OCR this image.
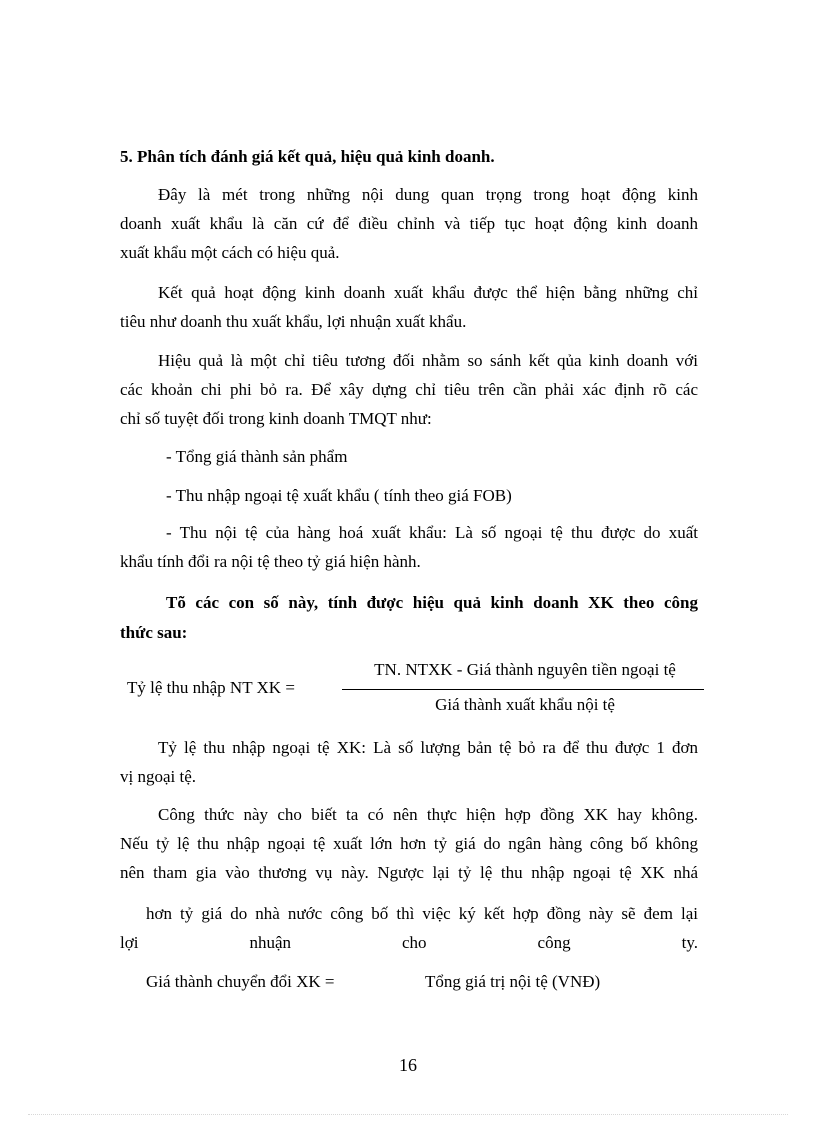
5. Phân tích đánh giá kết quả, hiệu quả kinh doanh.
Đây là mét trong những nội dung quan trọng trong hoạt động kinh
doanh xuất khẩu là căn cứ để điều chỉnh và tiếp tục hoạt động kinh doanh
xuất khẩu một cách có hiệu quả.
Kết quả hoạt động kinh doanh xuất khẩu được thể hiện bằng những chỉ
tiêu như doanh thu xuất khẩu, lợi nhuận xuất khẩu.
Hiệu quả là một chỉ tiêu tương đối nhằm so sánh kết qủa kinh doanh với
các khoản chi phi bỏ ra. Để xây dựng chỉ tiêu trên cần phải xác định rõ các
chỉ số tuyệt đối trong kinh doanh TMQT như:
- Tổng giá thành sản phẩm
- Thu nhập ngoại tệ xuất khẩu ( tính theo giá FOB)
- Thu nội tệ của hàng hoá xuất khẩu: Là số ngoại tệ thu được do xuất
khẩu tính đổi ra nội tệ theo tỷ giá hiện hành.
Tõ các con số này, tính được hiệu quả kinh doanh XK theo công
thức sau:
TN. NTXK - Giá thành nguyên tiền ngoại tệ
Tỷ lệ thu nhập NT XK =
Giá thành xuất khẩu nội tệ
Tỷ lệ thu nhập ngoại tệ XK: Là số lượng bản tệ bỏ ra để thu được 1 đơn
vị ngoại tệ.
Công thức này cho biết ta có nên thực hiện hợp đồng XK hay không.
Nếu tỷ lệ thu nhập ngoại tệ xuất lớn hơn tỷ giá do ngân hàng công bố không
nên tham gia vào thương vụ này. Ngược lại tỷ lệ thu nhập ngoại tệ XK nhá
hơn tỷ giá do nhà nước công bố thì việc ký kết hợp đồng này sẽ đem lại
lợi nhuận cho công ty.
Giá thành chuyển đổi XK =	Tổng giá trị nội tệ (VNĐ)
16
